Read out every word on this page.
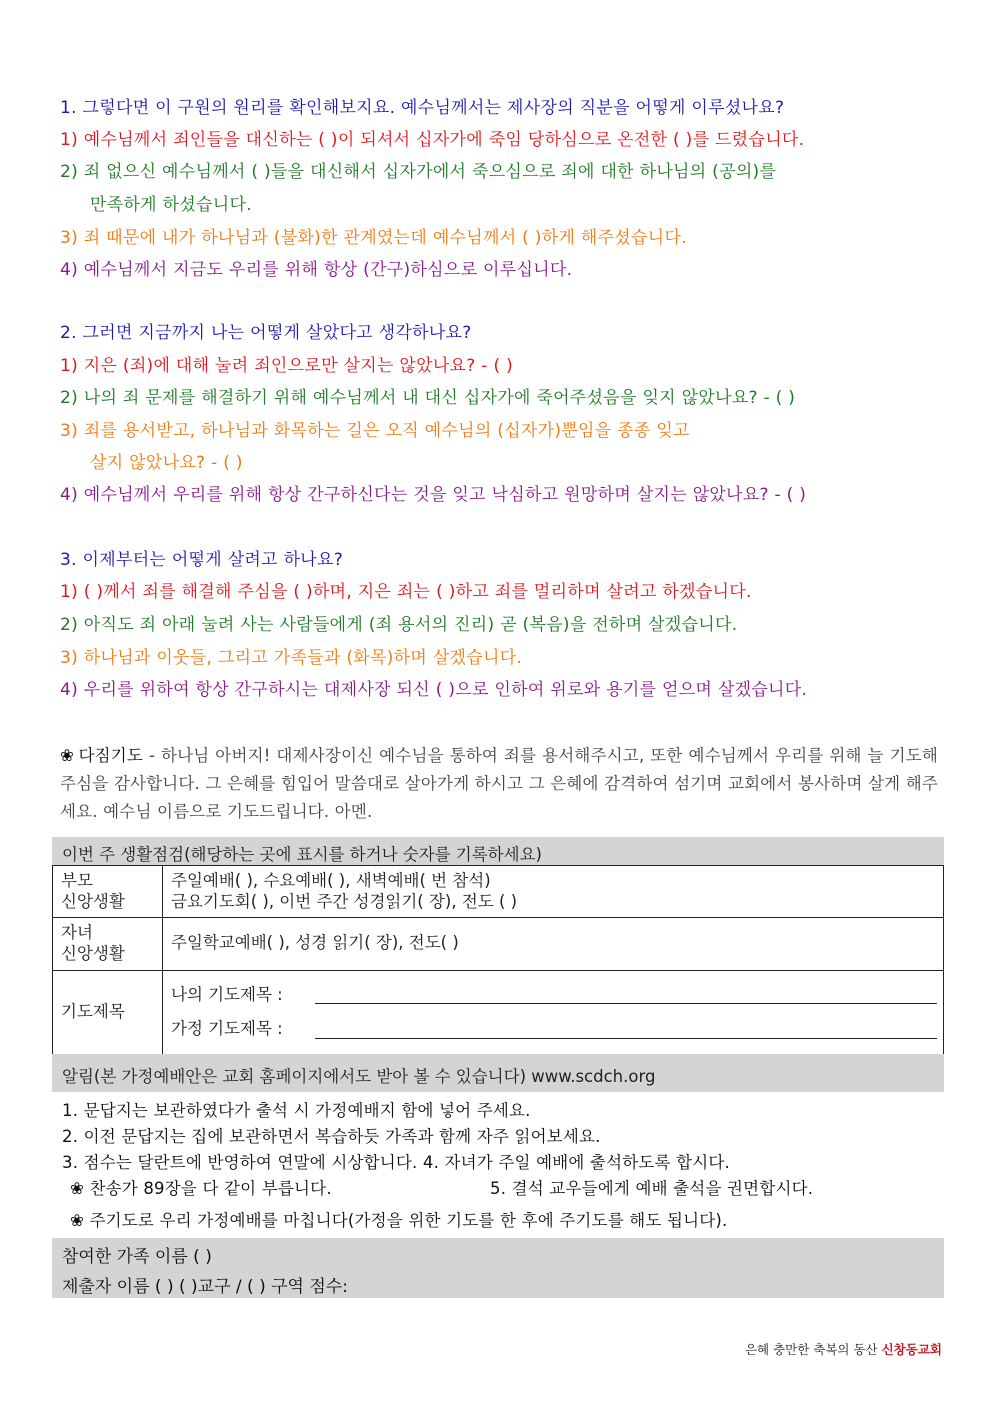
1. 그렇다면 이 구원의 원리를 확인해보지요. 예수님께서는 제사장의 직분을 어떻게 이루셨나요?
1) 예수님께서 죄인들을 대신하는 ( )이 되셔서 십자가에 죽임 당하심으로 온전한 ( )를 드렸습니다.
2) 죄 없으신 예수님께서 ( )들을 대신해서 십자가에서 죽으심으로 죄에 대한 하나님의 (공의)를
만족하게 하셨습니다.
3) 죄 때문에 내가 하나님과 (불화)한 관계였는데 예수님께서 ( )하게 해주셨습니다.
4) 예수님께서 지금도 우리를 위해 항상 (간구)하심으로 이루십니다.
2. 그러면 지금까지 나는 어떻게 살았다고 생각하나요?
1) 지은 (죄)에 대해 눌려 죄인으로만 살지는 않았나요? - ( )
2) 나의 죄 문제를 해결하기 위해 예수님께서 내 대신 십자가에 죽어주셨음을 잊지 않았나요? - ( )
3) 죄를 용서받고, 하나님과 화목하는 길은 오직 예수님의 (십자가)뿐임을 종종 잊고
살지 않았나요? - ( )
4) 예수님께서 우리를 위해 항상 간구하신다는 것을 잊고 낙심하고 원망하며 살지는 않았나요? - ( )
3. 이제부터는 어떻게 살려고 하나요?
1) ( )께서 죄를 해결해 주심을 ( )하며, 지은 죄는 ( )하고 죄를 멀리하며 살려고 하겠습니다.
2) 아직도 죄 아래 눌려 사는 사람들에게 (죄 용서의 진리) 곧 (복음)을 전하며 살겠습니다.
3) 하나님과 이웃들, 그리고 가족들과 (화목)하며 살겠습니다.
4) 우리를 위하여 항상 간구하시는 대제사장 되신 ( )으로 인하여 위로와 용기를 얻으며 살겠습니다.
❀ 다짐기도 - 하나님 아버지! 대제사장이신 예수님을 통하여 죄를 용서해주시고, 또한 예수님께서 우리를 위해 늘 기도해 주심을 감사합니다. 그 은혜를 힘입어 말씀대로 살아가게 하시고 그 은혜에 감격하여 섬기며 교회에서 봉사하며 살게 해주세요. 예수님 이름으로 기도드립니다. 아멘.
이번 주 생활점검(해당하는 곳에 표시를 하거나 숫자를 기록하세요)
부모
신앙생활
주일예배( ), 수요예배( ), 새벽예배( 번 참석)
금요기도회( ), 이번 주간 성경읽기( 장), 전도 ( )
자녀
신앙생활
주일학교예배( ), 성경 읽기( 장), 전도( )
기도제목
나의 기도제목 :
가정 기도제목 :
알림(본 가정예배안은 교회 홈페이지에서도 받아 볼 수 있습니다) www.scdch.org
1. 문답지는 보관하였다가 출석 시 가정예배지 함에 넣어 주세요.
2. 이전 문답지는 집에 보관하면서 복습하듯 가족과 함께 자주 읽어보세요.
3. 점수는 달란트에 반영하여 연말에 시상합니다. 4. 자녀가 주일 예배에 출석하도록 합시다.
❀ 찬송가 89장을 다 같이 부릅니다.	5. 결석 교우들에게 예배 출석을 권면합시다.
❀ 주기도로 우리 가정예배를 마칩니다(가정을 위한 기도를 한 후에 주기도를 해도 됩니다).
참여한 가족 이름 ( )
제출자 이름 ( ) ( )교구 / ( ) 구역 점수:
은혜 충만한 축복의 동산 신창동교회
